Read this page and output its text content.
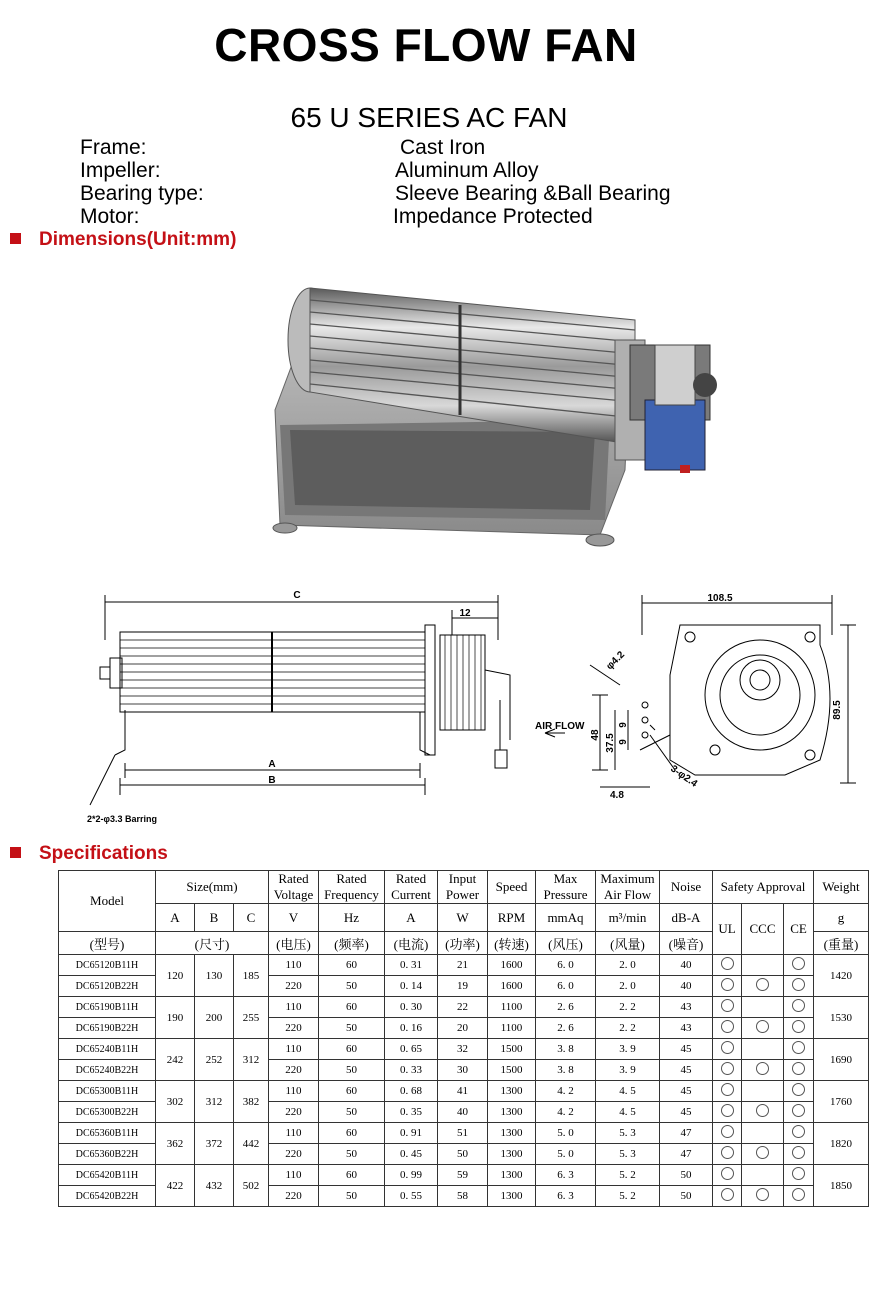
CROSS FLOW FAN
65 U SERIES AC FAN
Frame:	Cast Iron
Impeller:	Aluminum Alloy
Bearing type:	Sleeve Bearing &Ball Bearing
Motor:	Impedance Protected
Dimensions(Unit:mm)
C
12
A
B
2*2-φ3.3 Barring
108.5
89.5
φ4.2
AIR FLOW
48 37.5
9
9
4.8
3-φ2.4
Specifications
Model	Size(mm)			Rated Voltage	Rated Frequency	Rated Current	Input Power	Speed	Max Pressure	Maximum Air Flow	Noise	Safety Approval			Weight
	A	B	C	V	Hz	A	W	RPM	mmAq	m³/min	dB-A	UL	CCC	CE	g
(型号)	(尺寸)			(电压)	(频率)	(电流)	(功率)	(转速)	(风压)	(风量)	(噪音)				(重量)
DC65120B11H	120	130	185	110	60	0. 31	21	1600	6. 0	2. 0	40				1420
DC65120B22H				220	50	0. 14	19	1600	6. 0	2. 0	40				
DC65190B11H	190	200	255	110	60	0. 30	22	1100	2. 6	2. 2	43				1530
DC65190B22H				220	50	0. 16	20	1100	2. 6	2. 2	43				
DC65240B11H	242	252	312	110	60	0. 65	32	1500	3. 8	3. 9	45				1690
DC65240B22H				220	50	0. 33	30	1500	3. 8	3. 9	45				
DC65300B11H	302	312	382	110	60	0. 68	41	1300	4. 2	4. 5	45				1760
DC65300B22H				220	50	0. 35	40	1300	4. 2	4. 5	45				
DC65360B11H	362	372	442	110	60	0. 91	51	1300	5. 0	5. 3	47				1820
DC65360B22H				220	50	0. 45	50	1300	5. 0	5. 3	47				
DC65420B11H	422	432	502	110	60	0. 99	59	1300	6. 3	5. 2	50				1850
DC65420B22H				220	50	0. 55	58	1300	6. 3	5. 2	50				
